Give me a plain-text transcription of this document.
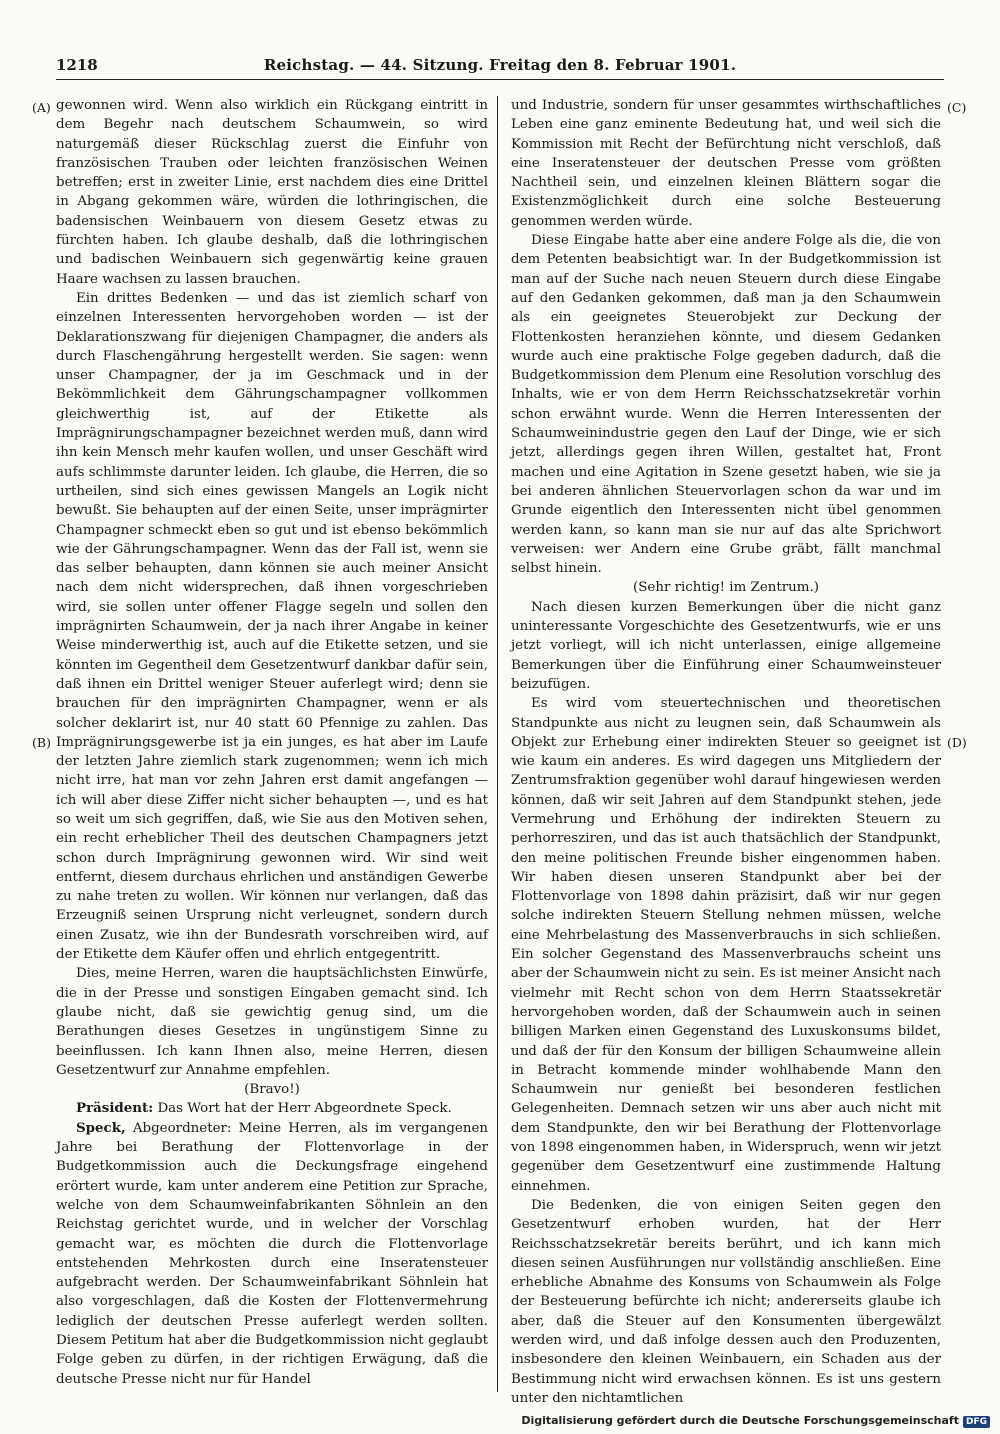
1218	Reichstag. — 44. Sitzung. Freitag den 8. Februar 1901.
(A)
(B)
(C)
(D)

gewonnen wird. Wenn also wirklich ein Rückgang eintritt in dem Begehr nach deutschem Schaumwein, so wird naturgemäß dieser Rückschlag zuerst die Einfuhr von französischen Trauben oder leichten französischen Weinen betreffen; erst in zweiter Linie, erst nachdem dies eine Drittel in Abgang gekommen wäre, würden die lothringischen, die badensischen Weinbauern von diesem Gesetz etwas zu fürchten haben. Ich glaube deshalb, daß die lothringischen und badischen Weinbauern sich gegenwärtig keine grauen Haare wachsen zu lassen brauchen.

Ein drittes Bedenken — und das ist ziemlich scharf von einzelnen Interessenten hervorgehoben worden — ist der Deklarationszwang für diejenigen Champagner, die anders als durch Flaschengährung hergestellt werden. Sie sagen: wenn unser Champagner, der ja im Geschmack und in der Bekömmlichkeit dem Gährungschampagner vollkommen gleichwerthig ist, auf der Etikette als Imprägnirungschampagner bezeichnet werden muß, dann wird ihn kein Mensch mehr kaufen wollen, und unser Geschäft wird aufs schlimmste darunter leiden. Ich glaube, die Herren, die so urtheilen, sind sich eines gewissen Mangels an Logik nicht bewußt. Sie behaupten auf der einen Seite, unser imprägnirter Champagner schmeckt eben so gut und ist ebenso bekömmlich wie der Gährungschampagner. Wenn das der Fall ist, wenn sie das selber behaupten, dann können sie auch meiner Ansicht nach dem nicht widersprechen, daß ihnen vorgeschrieben wird, sie sollen unter offener Flagge segeln und sollen den imprägnirten Schaumwein, der ja nach ihrer Angabe in keiner Weise minderwerthig ist, auch auf die Etikette setzen, und sie könnten im Gegentheil dem Gesetzentwurf dankbar dafür sein, daß ihnen ein Drittel weniger Steuer auferlegt wird; denn sie brauchen für den imprägnirten Champagner, wenn er als solcher deklarirt ist, nur 40 statt 60 Pfennige zu zahlen. Das Imprägnirungsgewerbe ist ja ein junges, es hat aber im Laufe der letzten Jahre ziemlich stark zugenommen; wenn ich mich nicht irre, hat man vor zehn Jahren erst damit angefangen — ich will aber diese Ziffer nicht sicher behaupten —, und es hat so weit um sich gegriffen, daß, wie Sie aus den Motiven sehen, ein recht erheblicher Theil des deutschen Champagners jetzt schon durch Imprägnirung gewonnen wird. Wir sind weit entfernt, diesem durchaus ehrlichen und anständigen Gewerbe zu nahe treten zu wollen. Wir können nur verlangen, daß das Erzeugniß seinen Ursprung nicht verleugnet, sondern durch einen Zusatz, wie ihn der Bundesrath vorschreiben wird, auf der Etikette dem Käufer offen und ehrlich entgegentritt.

Dies, meine Herren, waren die hauptsächlichsten Einwürfe, die in der Presse und sonstigen Eingaben gemacht sind. Ich glaube nicht, daß sie gewichtig genug sind, um die Berathungen dieses Gesetzes in ungünstigem Sinne zu beeinflussen. Ich kann Ihnen also, meine Herren, diesen Gesetzentwurf zur Annahme empfehlen.

(Bravo!)

Präsident: Das Wort hat der Herr Abgeordnete Speck.

Speck, Abgeordneter: Meine Herren, als im vergangenen Jahre bei Berathung der Flottenvorlage in der Budgetkommission auch die Deckungsfrage eingehend erörtert wurde, kam unter anderem eine Petition zur Sprache, welche von dem Schaumweinfabrikanten Söhnlein an den Reichstag gerichtet wurde, und in welcher der Vorschlag gemacht war, es möchten die durch die Flottenvorlage entstehenden Mehrkosten durch eine Inseratensteuer aufgebracht werden. Der Schaumweinfabrikant Söhnlein hat also vorgeschlagen, daß die Kosten der Flottenvermehrung lediglich der deutschen Presse auferlegt werden sollten. Diesem Petitum hat aber die Budgetkommission nicht geglaubt Folge geben zu dürfen, in der richtigen Erwägung, daß die deutsche Presse nicht nur für Handel

und Industrie, sondern für unser gesammtes wirthschaftliches Leben eine ganz eminente Bedeutung hat, und weil sich die Kommission mit Recht der Befürchtung nicht verschloß, daß eine Inseratensteuer der deutschen Presse vom größten Nachtheil sein, und einzelnen kleinen Blättern sogar die Existenzmöglichkeit durch eine solche Besteuerung genommen werden würde.

Diese Eingabe hatte aber eine andere Folge als die, die von dem Petenten beabsichtigt war. In der Budgetkommission ist man auf der Suche nach neuen Steuern durch diese Eingabe auf den Gedanken gekommen, daß man ja den Schaumwein als ein geeignetes Steuerobjekt zur Deckung der Flottenkosten heranziehen könnte, und diesem Gedanken wurde auch eine praktische Folge gegeben dadurch, daß die Budgetkommission dem Plenum eine Resolution vorschlug des Inhalts, wie er von dem Herrn Reichsschatzsekretär vorhin schon erwähnt wurde. Wenn die Herren Interessenten der Schaumweinindustrie gegen den Lauf der Dinge, wie er sich jetzt, allerdings gegen ihren Willen, gestaltet hat, Front machen und eine Agitation in Szene gesetzt haben, wie sie ja bei anderen ähnlichen Steuervorlagen schon da war und im Grunde eigentlich den Interessenten nicht übel genommen werden kann, so kann man sie nur auf das alte Sprichwort verweisen: wer Andern eine Grube gräbt, fällt manchmal selbst hinein.

(Sehr richtig! im Zentrum.)

Nach diesen kurzen Bemerkungen über die nicht ganz uninteressante Vorgeschichte des Gesetzentwurfs, wie er uns jetzt vorliegt, will ich nicht unterlassen, einige allgemeine Bemerkungen über die Einführung einer Schaumweinsteuer beizufügen.

Es wird vom steuertechnischen und theoretischen Standpunkte aus nicht zu leugnen sein, daß Schaumwein als Objekt zur Erhebung einer indirekten Steuer so geeignet ist wie kaum ein anderes. Es wird dagegen uns Mitgliedern der Zentrumsfraktion gegenüber wohl darauf hingewiesen werden können, daß wir seit Jahren auf dem Standpunkt stehen, jede Vermehrung und Erhöhung der indirekten Steuern zu perhorresziren, und das ist auch thatsächlich der Standpunkt, den meine politischen Freunde bisher eingenommen haben. Wir haben diesen unseren Standpunkt aber bei der Flottenvorlage von 1898 dahin präzisirt, daß wir nur gegen solche indirekten Steuern Stellung nehmen müssen, welche eine Mehrbelastung des Massenverbrauchs in sich schließen. Ein solcher Gegenstand des Massenverbrauchs scheint uns aber der Schaumwein nicht zu sein. Es ist meiner Ansicht nach vielmehr mit Recht schon von dem Herrn Staatssekretär hervorgehoben worden, daß der Schaumwein auch in seinen billigen Marken einen Gegenstand des Luxuskonsums bildet, und daß der für den Konsum der billigen Schaumweine allein in Betracht kommende minder wohlhabende Mann den Schaumwein nur genießt bei besonderen festlichen Gelegenheiten. Demnach setzen wir uns aber auch nicht mit dem Standpunkte, den wir bei Berathung der Flottenvorlage von 1898 eingenommen haben, in Widerspruch, wenn wir jetzt gegenüber dem Gesetzentwurf eine zustimmende Haltung einnehmen.

Die Bedenken, die von einigen Seiten gegen den Gesetzentwurf erhoben wurden, hat der Herr Reichsschatzsekretär bereits berührt, und ich kann mich diesen seinen Ausführungen nur vollständig anschließen. Eine erhebliche Abnahme des Konsums von Schaumwein als Folge der Besteuerung befürchte ich nicht; andererseits glaube ich aber, daß die Steuer auf den Konsumenten übergewälzt werden wird, und daß infolge dessen auch den Produzenten, insbesondere den kleinen Weinbauern, ein Schaden aus der Bestimmung nicht wird erwachsen können. Es ist uns gestern unter den nichtamtlichen

Digitalisierung gefördert durch die Deutsche Forschungsgemeinschaft DFG
